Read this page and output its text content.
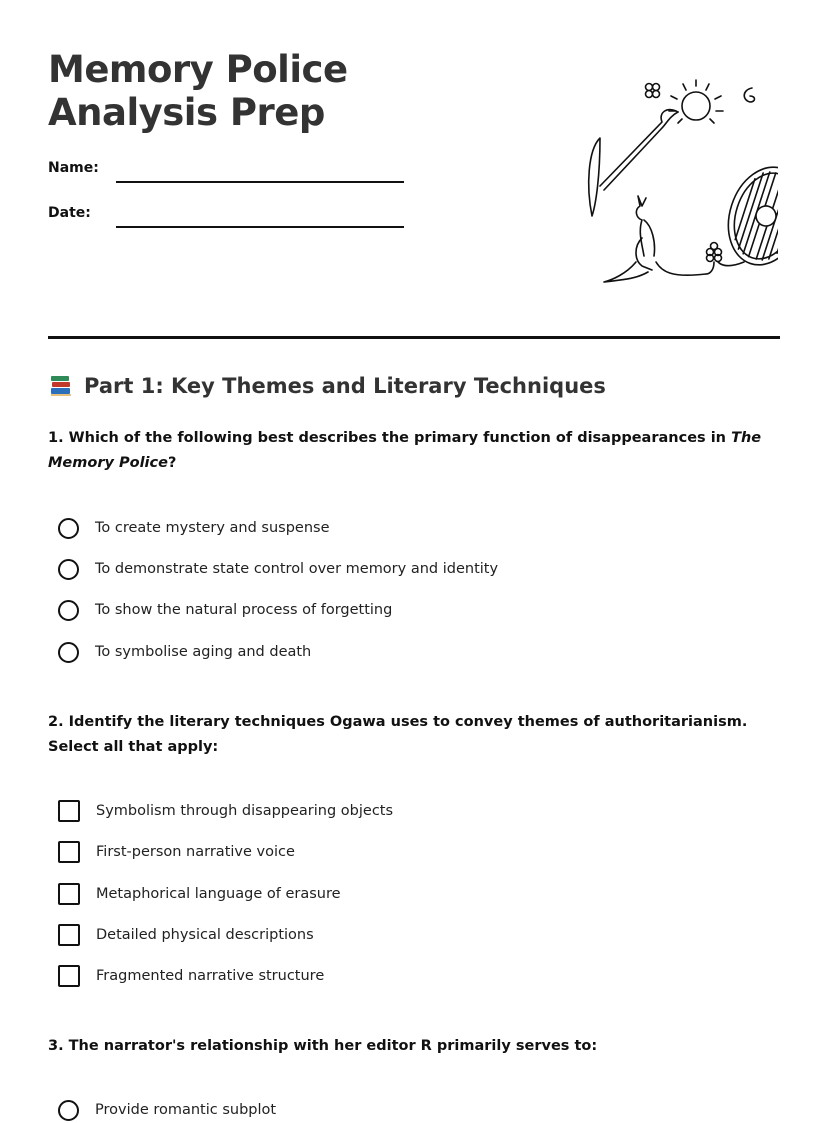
Memory Police Analysis Prep
Name:
Date:
Part 1: Key Themes and Literary Techniques

1. Which of the following best describes the primary function of disappearances in The Memory Police?

To create mystery and suspense
To demonstrate state control over memory and identity
To show the natural process of forgetting
To symbolise aging and death

2. Identify the literary techniques Ogawa uses to convey themes of authoritarianism. Select all that apply:

Symbolism through disappearing objects
First-person narrative voice
Metaphorical language of erasure
Detailed physical descriptions
Fragmented narrative structure

3. The narrator's relationship with her editor R primarily serves to:

Provide romantic subplot
